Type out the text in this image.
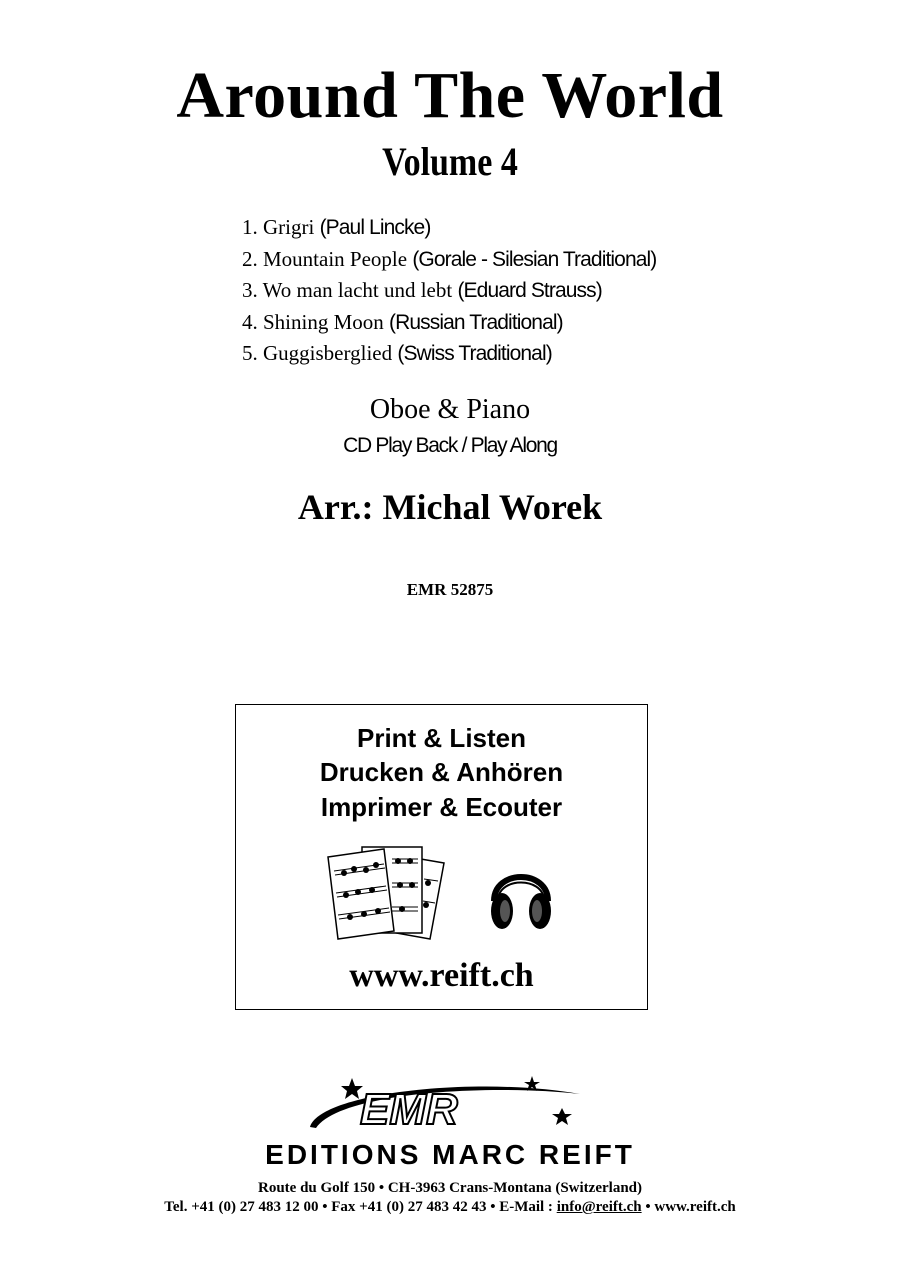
Around The World
Volume 4
1. Grigri (Paul Lincke)
2. Mountain People (Gorale - Silesian Traditional)
3. Wo man lacht und lebt (Eduard Strauss)
4. Shining Moon (Russian Traditional)
5. Guggisberglied (Swiss Traditional)
Oboe & Piano
CD Play Back / Play Along
Arr.: Michal Worek
EMR 52875
Print & Listen
Drucken & Anhören
Imprimer & Ecouter
www.reift.ch
EMR
EDITIONS MARC REIFT
Route du Golf 150 • CH-3963 Crans-Montana (Switzerland)
Tel. +41 (0) 27 483 12 00 • Fax +41 (0) 27 483 42 43 • E-Mail : info@reift.ch • www.reift.ch
